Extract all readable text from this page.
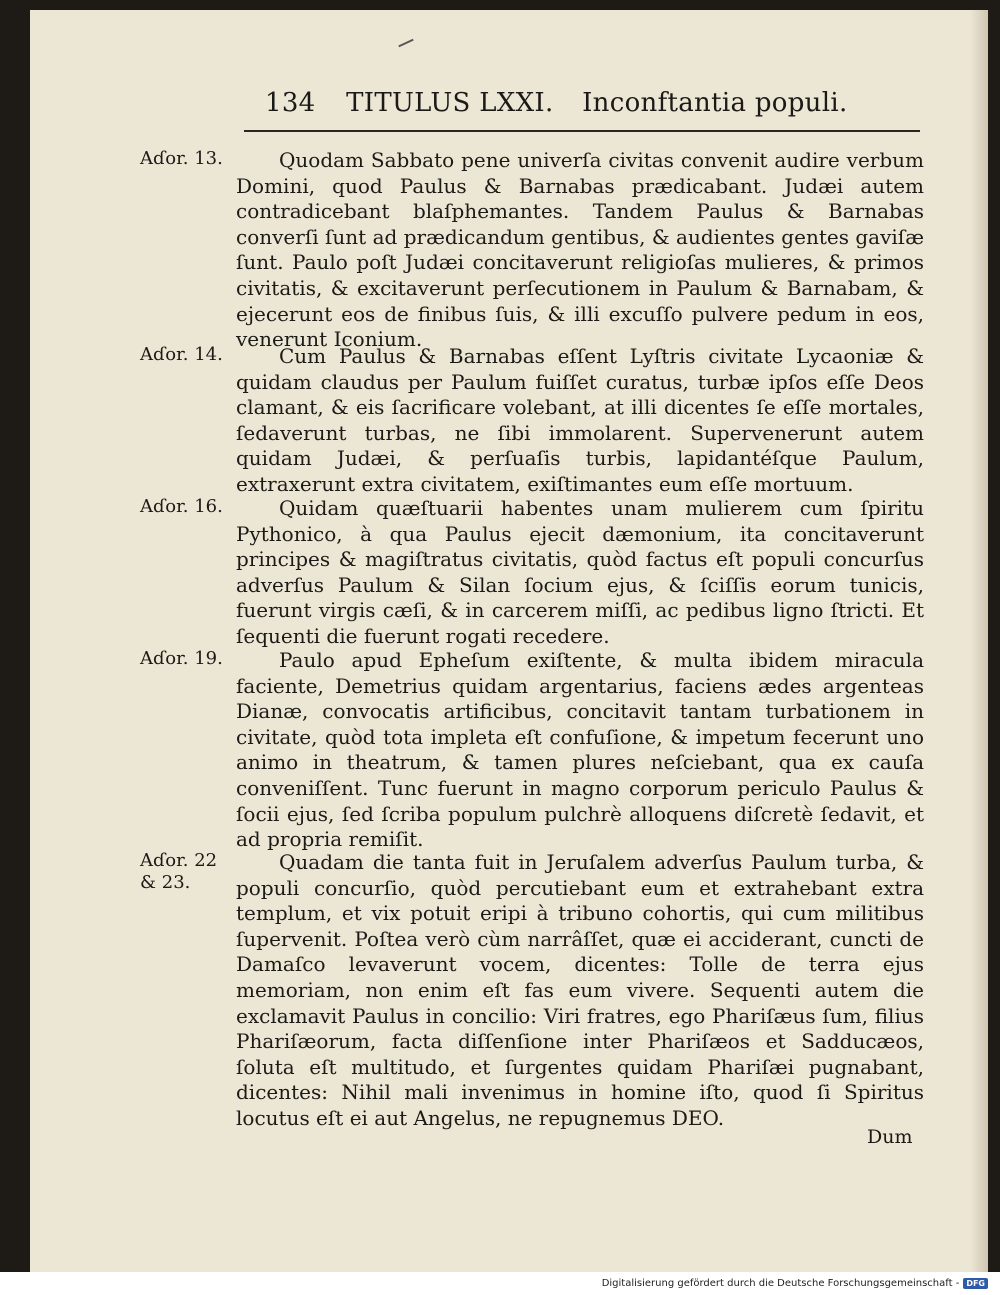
134 TITULUS LXXI. Inconftantia populi.
Aɗor. 13.	Quodam Sabbato pene univerſa civitas convenit audire verbum Domini, quod Paulus & Barnabas prædicabant. Judæi autem contradicebant blaſphemantes. Tandem Paulus & Barnabas converſi ſunt ad prædicandum gentibus, & audientes gentes gaviſæ ſunt. Paulo poſt Judæi concitaverunt religioſas mulieres, & primos civitatis, & excitaverunt perſecutionem in Paulum & Barnabam, & ejecerunt eos de finibus ſuis, & illi excuſſo pulvere pedum in eos, venerunt Iconium.
Aɗor. 14.	Cum Paulus & Barnabas eſſent Lyſtris civitate Lycaoniæ & quidam claudus per Paulum fuiſſet curatus, turbæ ipſos eſſe Deos clamant, & eis ſacrificare volebant, at illi dicentes ſe eſſe mortales, ſedaverunt turbas, ne ſibi immolarent. Supervenerunt autem quidam Judæi, & perſuaſis turbis, lapidantéſque Paulum, extraxerunt extra civitatem, exiſtimantes eum eſſe mortuum.
Aɗor. 16.	Quidam quæſtuarii habentes unam mulierem cum ſpiritu Pythonico, à qua Paulus ejecit dæmonium, ita concitaverunt principes & magiſtratus civitatis, quòd factus eſt populi concurſus adverſus Paulum & Silan ſocium ejus, & ſciſſis eorum tunicis, fuerunt virgis cæſi, & in carcerem miſſi, ac pedibus ligno ſtricti. Et ſequenti die fuerunt rogati recedere.
Aɗor. 19.	Paulo apud Epheſum exiſtente, & multa ibidem miracula faciente, Demetrius quidam argentarius, faciens ædes argenteas Dianæ, convocatis artificibus, concitavit tantam turbationem in civitate, quòd tota impleta eſt confuſione, & impetum fecerunt uno animo in theatrum, & tamen plures neſciebant, qua ex cauſa conveniſſent. Tunc fuerunt in magno corporum periculo Paulus & ſocii ejus, ſed ſcriba populum pulchrè alloquens diſcretè ſedavit, et ad propria remiſit.
Aɗor. 22
& 23.
Quadam die tanta fuit in Jeruſalem adverſus Paulum turba, & populi concurſio, quòd percutiebant eum et extrahebant extra templum, et vix potuit eripi à tribuno cohortis, qui cum militibus ſupervenit. Poſtea verò cùm narrâſſet, quæ ei acciderant, cuncti de Damaſco levaverunt vocem, dicentes: Tolle de terra ejus memoriam, non enim eſt fas eum vivere. Sequenti autem die exclamavit Paulus in concilio: Viri fratres, ego Phariſæus ſum, filius Phariſæorum, facta diſſenſione inter Phariſæos et Sadducæos, ſoluta eſt multitudo, et ſurgentes quidam Phariſæi pugnabant, dicentes: Nihil mali invenimus in homine iſto, quod ſi Spiritus locutus eſt ei aut Angelus, ne repugnemus DEO.
Dum
Digitalisierung gefördert durch die Deutsche Forschungsgemeinschaft - DFG
